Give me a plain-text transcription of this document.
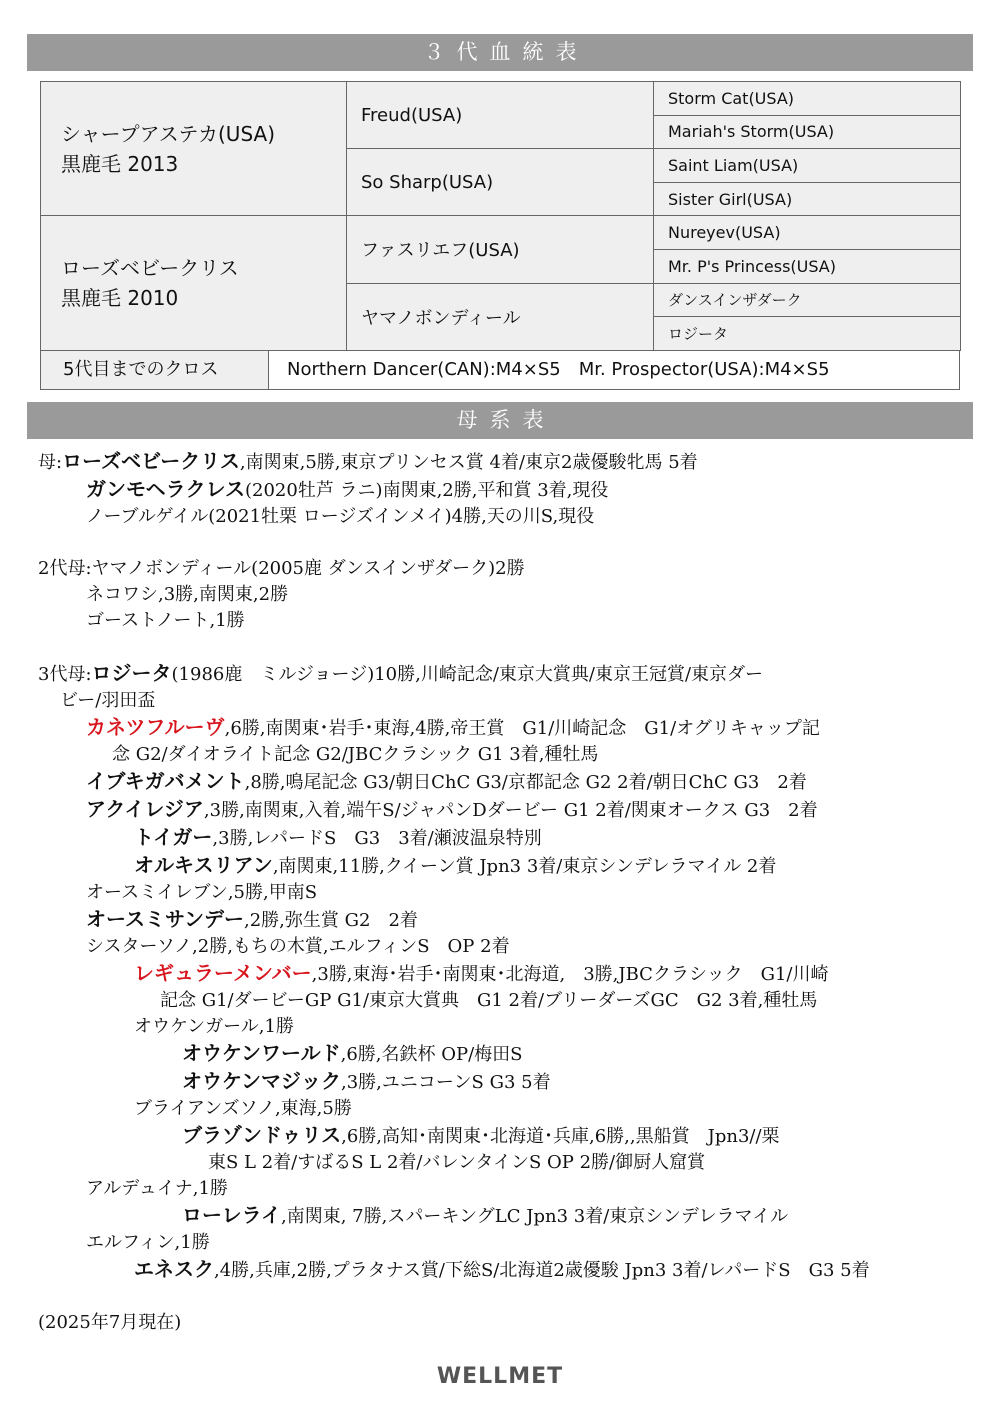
３代血統表
シャープアステカ(USA)
黒鹿毛 2013	Freud(USA)	Storm Cat(USA)
		Mariah's Storm(USA)
	So Sharp(USA)	Saint Liam(USA)
		Sister Girl(USA)

ローズベビークリス
黒鹿毛 2010	ファスリエフ(USA)	Nureyev(USA)
		Mr. P's Princess(USA)
	ヤマノボンディール	ダンスインザダーク
		ロジータ
5代目までのクロス	Northern Dancer(CAN):M4×S5　Mr. Prospector(USA):M4×S5
母系表
母:ローズベビークリス,南関東,5勝,東京プリンセス賞 4着/東京2歳優駿牝馬 5着
ガンモヘラクレス(2020牡芦 ラニ)南関東,2勝,平和賞 3着,現役
ノーブルゲイル(2021牡栗 ロージズインメイ)4勝,天の川S,現役
2代母:ヤマノボンディール(2005鹿 ダンスインザダーク)2勝
ネコワシ,3勝,南関東,2勝
ゴーストノート,1勝
3代母:ロジータ(1986鹿　ミルジョージ)10勝,川崎記念/東京大賞典/東京王冠賞/東京ダー
ビー/羽田盃
カネツフルーヴ,6勝,南関東･岩手･東海,4勝,帝王賞　G1/川崎記念　G1/オグリキャップ記
念 G2/ダイオライト記念 G2/JBCクラシック G1 3着,種牡馬
イブキガバメント,8勝,鳴尾記念 G3/朝日ChC G3/京都記念 G2 2着/朝日ChC G3　2着
アクイレジア,3勝,南関東,入着,端午S/ジャパンDダービー G1 2着/関東オークス G3　2着
トイガー,3勝,レパードS　G3　3着/瀬波温泉特別
オルキスリアン,南関東,11勝,クイーン賞 Jpn3 3着/東京シンデレラマイル 2着
オースミイレブン,5勝,甲南S
オースミサンデー,2勝,弥生賞 G2　2着
シスターソノ,2勝,もちの木賞,エルフィンS　OP 2着
レギュラーメンバー,3勝,東海･岩手･南関東･北海道,　3勝,JBCクラシック　G1/川崎
記念 G1/ダービーGP G1/東京大賞典　G1 2着/ブリーダーズGC　G2 3着,種牡馬
オウケンガール,1勝
オウケンワールド,6勝,名鉄杯 OP/梅田S
オウケンマジック,3勝,ユニコーンS G3 5着
ブライアンズソノ,東海,5勝
ブラゾンドゥリス,6勝,高知･南関東･北海道･兵庫,6勝,,黒船賞　Jpn3//栗
東S L 2着/すばるS L 2着/バレンタインS OP 2勝/御厨人窟賞
アルデュイナ,1勝
ローレライ,南関東, 7勝,スパーキングLC Jpn3 3着/東京シンデレラマイル
エルフィン,1勝
エネスク,4勝,兵庫,2勝,プラタナス賞/下総S/北海道2歳優駿 Jpn3 3着/レパードS　G3 5着
(2025年7月現在)
WELLMET
